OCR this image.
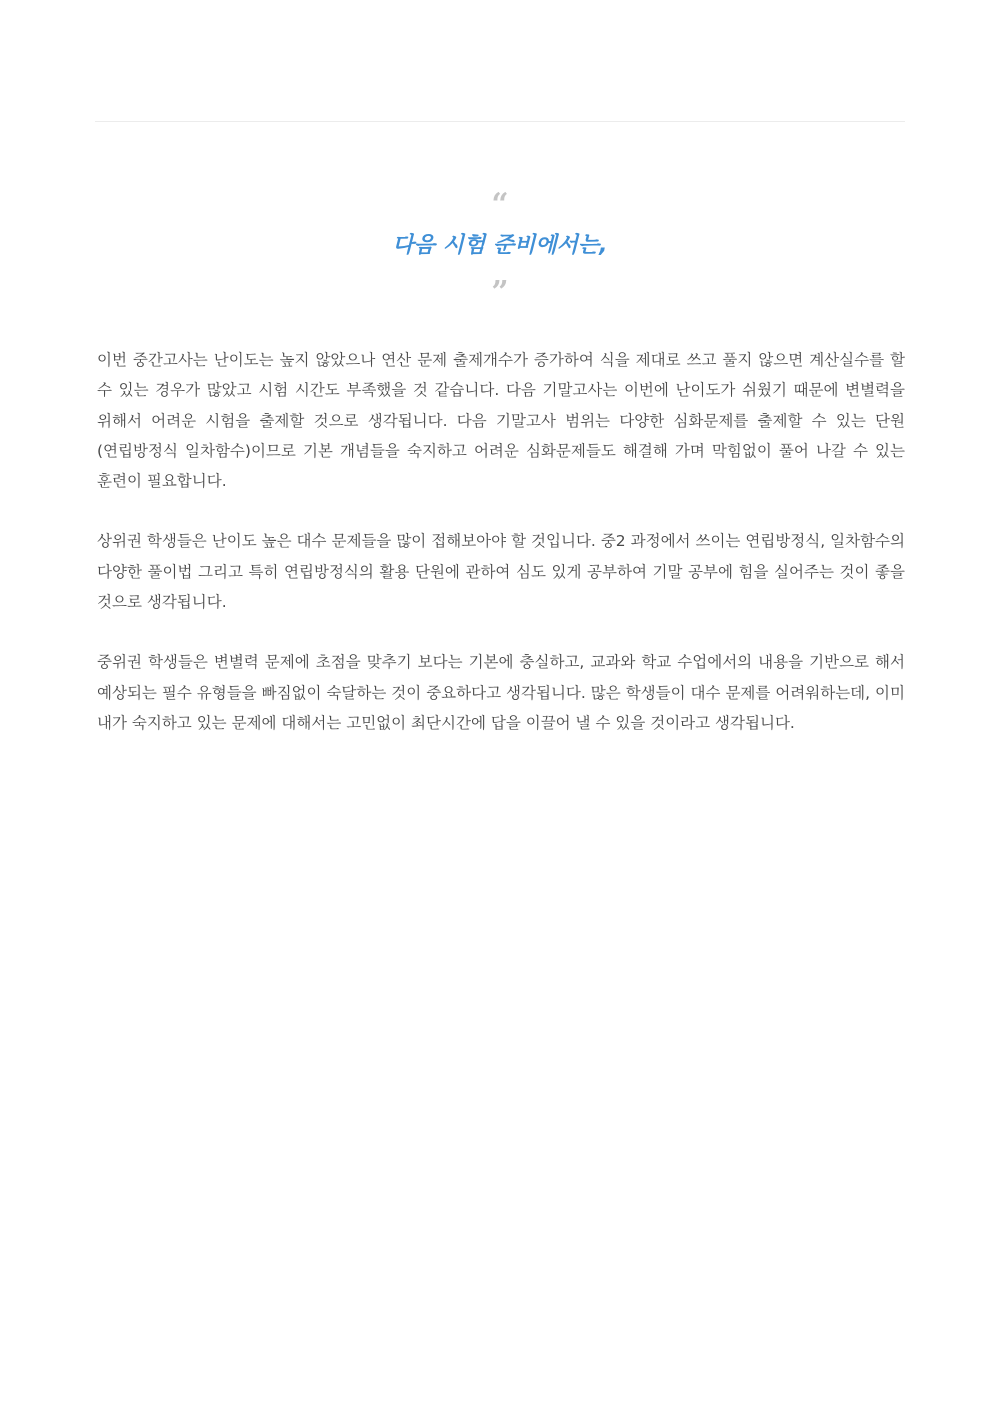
“
다음 시험 준비에서는,
”

이번 중간고사는 난이도는 높지 않았으나 연산 문제 출제개수가 증가하여 식을 제대로 쓰고 풀지 않으면 계산실수를 할 수 있는 경우가 많았고 시험 시간도 부족했을 것 같습니다. 다음 기말고사는 이번에 난이도가 쉬웠기 때문에 변별력을 위해서 어려운 시험을 출제할 것으로 생각됩니다. 다음 기말고사 범위는 다양한 심화문제를 출제할 수 있는 단원(연립방정식 일차함수)이므로 기본 개념들을 숙지하고 어려운 심화문제들도 해결해 가며 막힘없이 풀어 나갈 수 있는 훈련이 필요합니다.

상위권 학생들은 난이도 높은 대수 문제들을 많이 접해보아야 할 것입니다. 중2 과정에서 쓰이는 연립방정식, 일차함수의 다양한 풀이법 그리고 특히 연립방정식의 활용 단원에 관하여 심도 있게 공부하여 기말 공부에 힘을 실어주는 것이 좋을 것으로 생각됩니다.

중위권 학생들은 변별력 문제에 초점을 맞추기 보다는 기본에 충실하고, 교과와 학교 수업에서의 내용을 기반으로 해서 예상되는 필수 유형들을 빠짐없이 숙달하는 것이 중요하다고 생각됩니다. 많은 학생들이 대수 문제를 어려워하는데, 이미 내가 숙지하고 있는 문제에 대해서는 고민없이 최단시간에 답을 이끌어 낼 수 있을 것이라고 생각됩니다.
